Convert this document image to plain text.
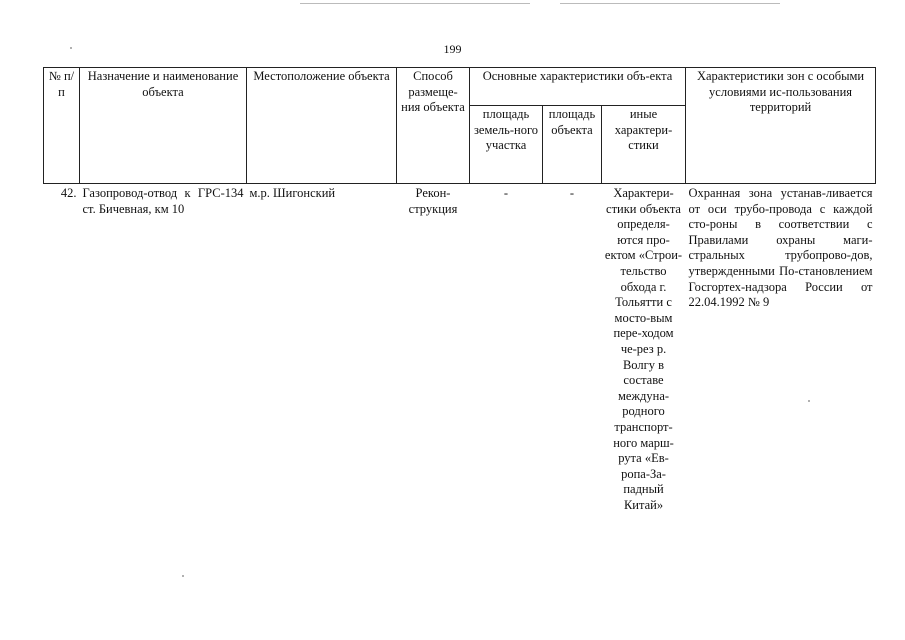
199
№ п/п	Назначение и наименование объекта	Местоположение объекта	Способ размеще-ния объекта	Основные характеристики объ-екта			Характеристики зон с особыми условиями ис-пользования территорий
				площадь земель-ного участка	площадь объекта	иные характери-стики	
42.	Газопровод-отвод к ГРС-134 ст. Бичевная, км 10	м.р. Шигонский	Рекон-струкция	-	-	Характери-стики объекта определя-ются про-ектом «Строи-тельство обхода г. Тольятти с мосто-вым пере-ходом че-рез р. Волгу в составе междуна-родного транспорт-ного марш-рута «Ев-ропа-За-падный Китай»	Охранная зона устанав-ливается от оси трубо-провода с каждой сто-роны в соответствии с Правилами охраны маги-стральных трубопрово-дов, утвержденными По-становлением Госгортех-надзора России от 22.04.1992 № 9
